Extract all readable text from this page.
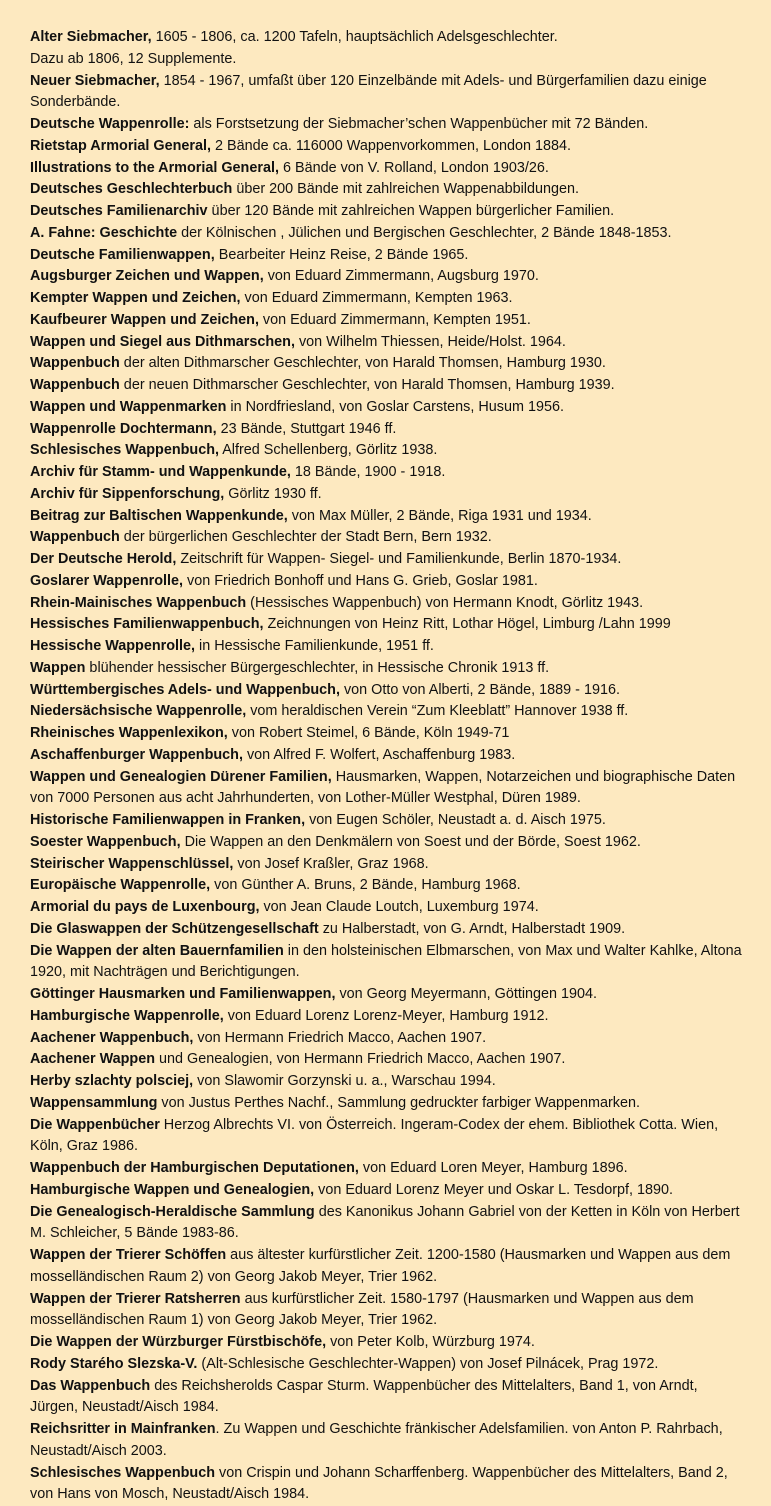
Alter Siebmacher, 1605 - 1806, ca. 1200 Tafeln, hauptsächlich Adelsgeschlechter.

Dazu ab 1806, 12 Supplemente.

Neuer Siebmacher, 1854 - 1967, umfaßt über 120 Einzelbände mit Adels- und Bürgerfamilien dazu einige Sonderbände.

Deutsche Wappenrolle: als Forstsetzung der Siebmacher’schen Wappenbücher mit 72 Bänden.

Rietstap Armorial General, 2 Bände ca. 116000 Wappenvorkommen, London 1884.

Illustrations to the Armorial General, 6 Bände von V. Rolland, London 1903/26.

Deutsches Geschlechterbuch über 200 Bände mit zahlreichen Wappenabbildungen.

Deutsches Familienarchiv über 120 Bände mit zahlreichen Wappen bürgerlicher Familien.

A. Fahne: Geschichte der Kölnischen , Jülichen und Bergischen Geschlechter, 2 Bände 1848-1853.

Deutsche Familienwappen, Bearbeiter Heinz Reise, 2 Bände 1965.

Augsburger Zeichen und Wappen, von Eduard Zimmermann, Augsburg 1970.

Kempter Wappen und Zeichen, von Eduard Zimmermann, Kempten 1963.

Kaufbeurer Wappen und Zeichen, von Eduard Zimmermann, Kempten 1951.

Wappen und Siegel aus Dithmarschen, von Wilhelm Thiessen, Heide/Holst. 1964.

Wappenbuch der alten Dithmarscher Geschlechter, von Harald Thomsen, Hamburg 1930.

Wappenbuch der neuen Dithmarscher Geschlechter, von Harald Thomsen, Hamburg 1939.

Wappen und Wappenmarken in Nordfriesland, von Goslar Carstens, Husum 1956.

Wappenrolle Dochtermann, 23 Bände, Stuttgart 1946 ff.

Schlesisches Wappenbuch, Alfred Schellenberg, Görlitz 1938.

Archiv für Stamm- und Wappenkunde, 18 Bände, 1900 - 1918.

Archiv für Sippenforschung, Görlitz 1930 ff.

Beitrag zur Baltischen Wappenkunde, von Max Müller, 2 Bände, Riga 1931 und 1934.

Wappenbuch der bürgerlichen Geschlechter der Stadt Bern, Bern 1932.

Der Deutsche Herold, Zeitschrift für Wappen- Siegel- und Familienkunde, Berlin 1870-1934.

Goslarer Wappenrolle, von Friedrich Bonhoff und Hans G. Grieb, Goslar 1981.

Rhein-Mainisches Wappenbuch (Hessisches Wappenbuch) von Hermann Knodt, Görlitz 1943.

Hessisches Familienwappenbuch, Zeichnungen von Heinz Ritt, Lothar Högel, Limburg /Lahn 1999

Hessische Wappenrolle, in Hessische Familienkunde, 1951 ff.

Wappen blühender hessischer Bürgergeschlechter, in Hessische Chronik 1913 ff.

Württembergisches Adels- und Wappenbuch, von Otto von Alberti, 2 Bände, 1889 - 1916.

Niedersächsische Wappenrolle, vom heraldischen Verein “Zum Kleeblatt” Hannover 1938 ff.

Rheinisches Wappenlexikon, von Robert Steimel, 6 Bände, Köln 1949-71

Aschaffenburger Wappenbuch, von Alfred F. Wolfert, Aschaffenburg 1983.

Wappen und Genealogien Dürener Familien, Hausmarken, Wappen, Notarzeichen und biographische Daten von 7000 Personen aus acht Jahrhunderten, von Lother-Müller Westphal, Düren 1989.

Historische Familienwappen in Franken, von Eugen Schöler, Neustadt a. d. Aisch 1975.

Soester Wappenbuch, Die Wappen an den Denkmälern von Soest und der Börde, Soest 1962.

Steirischer Wappenschlüssel, von Josef Kraßler, Graz 1968.

Europäische Wappenrolle, von Günther A. Bruns, 2 Bände, Hamburg 1968.

Armorial du pays de Luxenbourg, von Jean Claude Loutch, Luxemburg 1974.

Die Glaswappen der Schützengesellschaft zu Halberstadt, von G. Arndt, Halberstadt 1909.

Die Wappen der alten Bauernfamilien in den holsteinischen Elbmarschen, von Max und Walter Kahlke, Altona 1920, mit Nachträgen und Berichtigungen.

Göttinger Hausmarken und Familienwappen, von Georg Meyermann, Göttingen 1904.

Hamburgische Wappenrolle, von Eduard Lorenz Lorenz-Meyer, Hamburg 1912.

Aachener Wappenbuch, von Hermann Friedrich Macco, Aachen 1907.

Aachener Wappen und Genealogien, von Hermann Friedrich Macco, Aachen 1907.

Herby szlachty polsciej, von Slawomir Gorzynski u. a., Warschau 1994.

Wappensammlung von Justus Perthes Nachf., Sammlung gedruckter farbiger Wappenmarken.

Die Wappenbücher Herzog Albrechts VI. von Österreich. Ingeram-Codex der ehem. Bibliothek Cotta. Wien, Köln, Graz 1986.

Wappenbuch der Hamburgischen Deputationen, von Eduard Loren Meyer, Hamburg 1896.

Hamburgische Wappen und Genealogien, von Eduard Lorenz Meyer und Oskar L. Tesdorpf, 1890.

Die Genealogisch-Heraldische Sammlung des Kanonikus Johann Gabriel von der Ketten in Köln von Herbert M. Schleicher, 5 Bände 1983-86.

Wappen der Trierer Schöffen aus ältester kurfürstlicher Zeit. 1200-1580 (Hausmarken und Wappen aus dem mosselländischen Raum 2) von Georg Jakob Meyer, Trier 1962.

Wappen der Trierer Ratsherren aus kurfürstlicher Zeit. 1580-1797 (Hausmarken und Wappen aus dem mosselländischen Raum 1) von Georg Jakob Meyer, Trier 1962.

Die Wappen der Würzburger Fürstbischöfe, von Peter Kolb, Würzburg 1974.

Rody Starého Slezska-V. (Alt-Schlesische Geschlechter-Wappen) von Josef Pilnácek, Prag 1972.

Das Wappenbuch des Reichsherolds Caspar Sturm. Wappenbücher des Mittelalters, Band 1, von Arndt, Jürgen, Neustadt/Aisch 1984.

Reichsritter in Mainfranken. Zu Wappen und Geschichte fränkischer Adelsfamilien. von Anton P. Rahrbach, Neustadt/Aisch 2003.

Schlesisches Wappenbuch von Crispin und Johann Scharffenberg. Wappenbücher des Mittelalters, Band 2, von Hans von Mosch, Neustadt/Aisch 1984.
